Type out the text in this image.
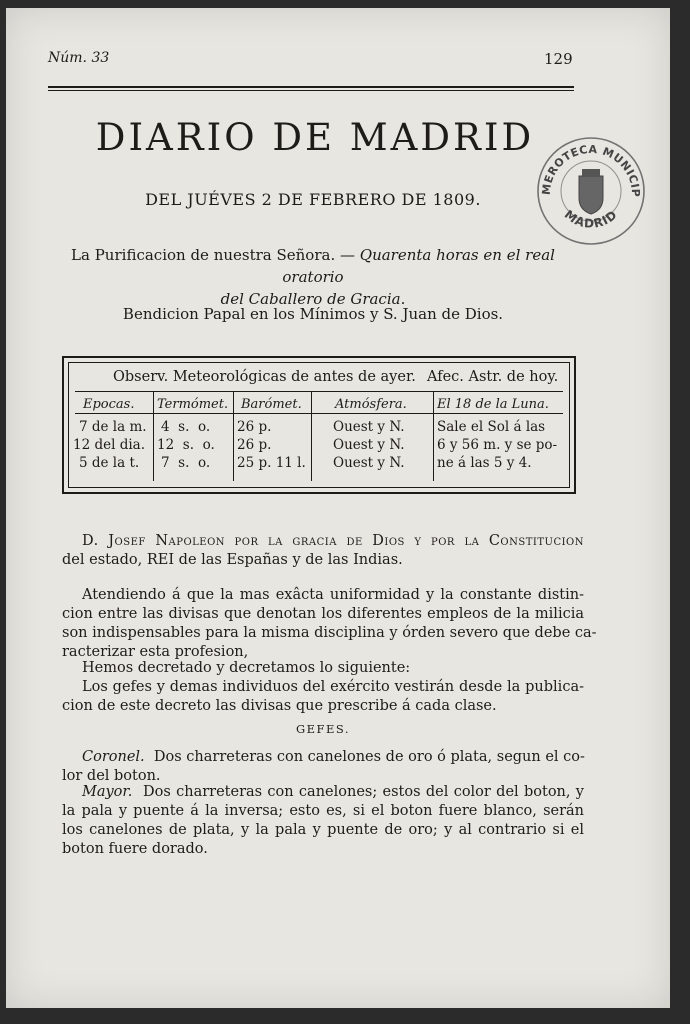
Núm. 33	129
DIARIO DE MADRID
DEL JUÉVES 2 DE FEBRERO DE 1809.
La Purificacion de nuestra Señora. — Quarenta horas en el real oratorio
del Caballero de Gracia.
Bendicion Papal en los Mínimos y S. Juan de Dios.
MEROTECA MUNICIP
MADRID
Observ. Meteorológicas de antes de ayer. Afec. Astr. de hoy.
Epocas. Termómet. Barómet.	Atmósfera. El 18 de la Luna.
7 de la m.
12 del dia.
5 de la t.
4  s.  o.
12  s.  o.
7  s.  o.
26 p.
26 p.
25 p. 11 l.
Ouest y N.
Ouest y N.
Ouest y N.
Sale el Sol á las
6 y 56 m. y se po-
ne á las 5 y 4.
D. Josef Napoleon por la gracia de Dios y por la Constitucion
del estado, REI de las Españas y de las Indias.
Atendiendo á que la mas exâcta uniformidad y la constante distin-
cion entre las divisas que denotan los diferentes empleos de la milicia
son indispensables para la misma disciplina y órden severo que debe ca-
racterizar esta profesion,
Hemos decretado y decretamos lo siguiente:
Los gefes y demas individuos del exército vestirán desde la publica-
cion de este decreto las divisas que prescribe á cada clase.
GEFES.
Coronel. Dos charreteras con canelones de oro ó plata, segun el co-
lor del boton.
Mayor. Dos charreteras con canelones; estos del color del boton, y
la pala y puente á la inversa; esto es, si el boton fuere blanco, serán
los canelones de plata, y la pala y puente de oro; y al contrario si el
boton fuere dorado.
